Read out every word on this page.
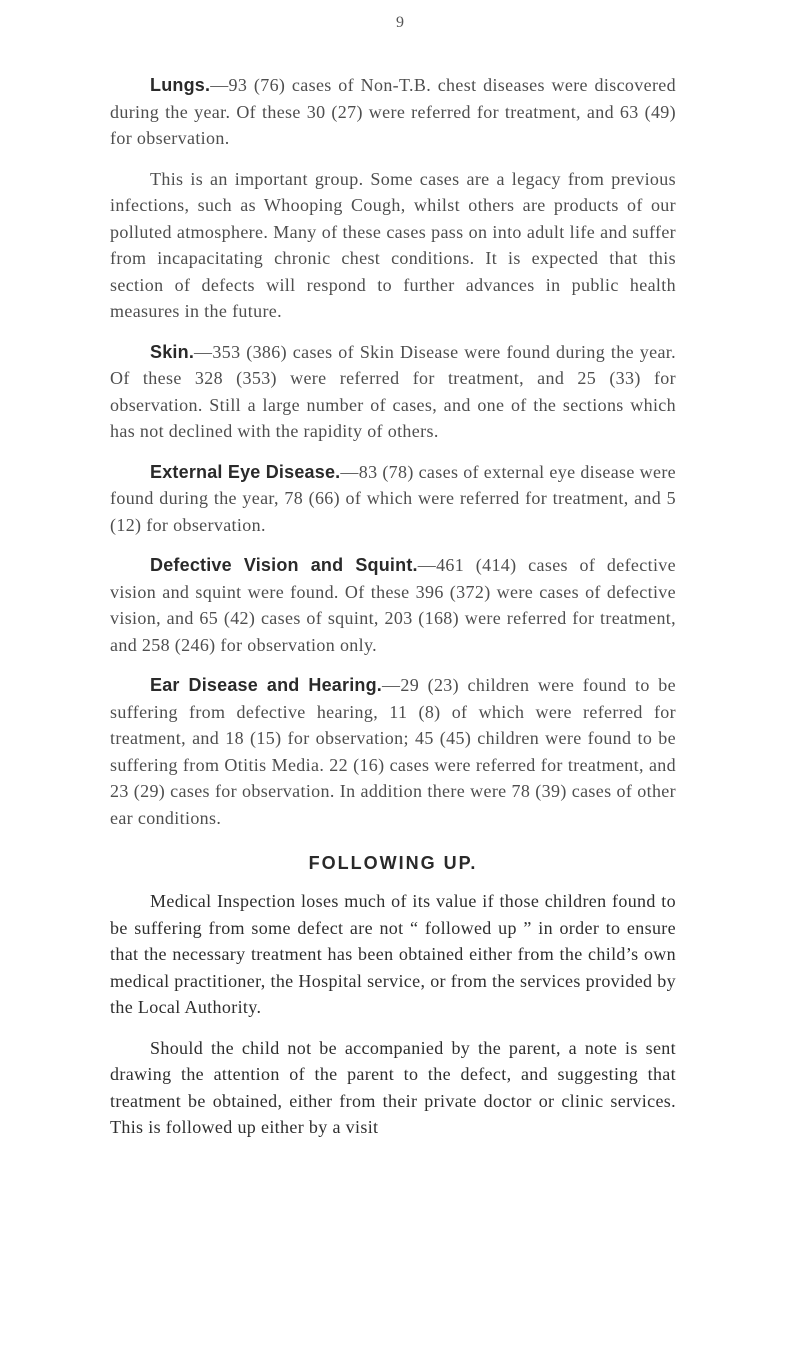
9

Lungs.—93 (76) cases of Non-T.B. chest diseases were discovered during the year. Of these 30 (27) were referred for treatment, and 63 (49) for observation.

This is an important group. Some cases are a legacy from previous infections, such as Whooping Cough, whilst others are products of our polluted atmosphere. Many of these cases pass on into adult life and suffer from incapacitating chronic chest conditions. It is expected that this section of defects will respond to further advances in public health measures in the future.

Skin.—353 (386) cases of Skin Disease were found during the year. Of these 328 (353) were referred for treatment, and 25 (33) for observation. Still a large number of cases, and one of the sections which has not declined with the rapidity of others.

External Eye Disease.—83 (78) cases of external eye disease were found during the year, 78 (66) of which were referred for treatment, and 5 (12) for observation.

Defective Vision and Squint.—461 (414) cases of defective vision and squint were found. Of these 396 (372) were cases of defective vision, and 65 (42) cases of squint, 203 (168) were referred for treatment, and 258 (246) for observation only.

Ear Disease and Hearing.—29 (23) children were found to be suffering from defective hearing, 11 (8) of which were referred for treatment, and 18 (15) for observation; 45 (45) children were found to be suffering from Otitis Media. 22 (16) cases were referred for treatment, and 23 (29) cases for observation. In addition there were 78 (39) cases of other ear conditions.

FOLLOWING UP.

Medical Inspection loses much of its value if those children found to be suffering from some defect are not “ followed up ” in order to ensure that the necessary treatment has been obtained either from the child’s own medical practitioner, the Hospital service, or from the services provided by the Local Authority.

Should the child not be accompanied by the parent, a note is sent drawing the attention of the parent to the defect, and suggesting that treatment be obtained, either from their private doctor or clinic services. This is followed up either by a visit
